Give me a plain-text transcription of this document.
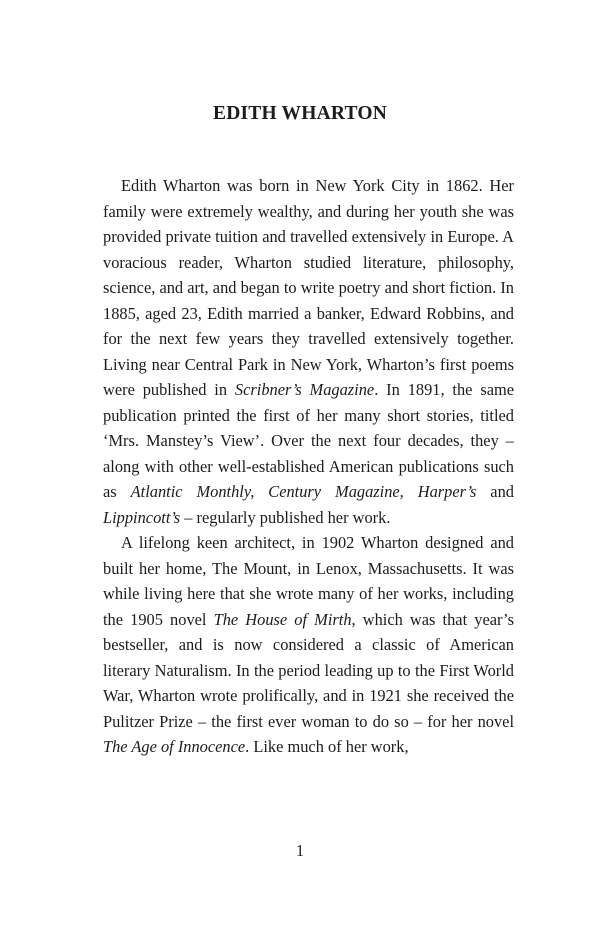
EDITH WHARTON

Edith Wharton was born in New York City in 1862. Her family were extremely wealthy, and during her youth she was provided private tuition and travelled extensively in Europe. A voracious reader, Wharton studied literature, philosophy, science, and art, and began to write poetry and short fiction. In 1885, aged 23, Edith married a banker, Edward Robbins, and for the next few years they travelled extensively together. Living near Central Park in New York, Wharton’s first poems were published in Scribner’s Magazine. In 1891, the same publication printed the first of her many short stories, titled ‘Mrs. Manstey’s View’. Over the next four decades, they – along with other well-established American publications such as Atlantic Monthly, Century Magazine, Harper’s and Lippincott’s – regularly published her work.

A lifelong keen architect, in 1902 Wharton designed and built her home, The Mount, in Lenox, Massachusetts. It was while living here that she wrote many of her works, including the 1905 novel The House of Mirth, which was that year’s bestseller, and is now considered a classic of American literary Naturalism. In the period leading up to the First World War, Wharton wrote prolifically, and in 1921 she received the Pulitzer Prize – the first ever woman to do so – for her novel The Age of Innocence. Like much of her work,

1
